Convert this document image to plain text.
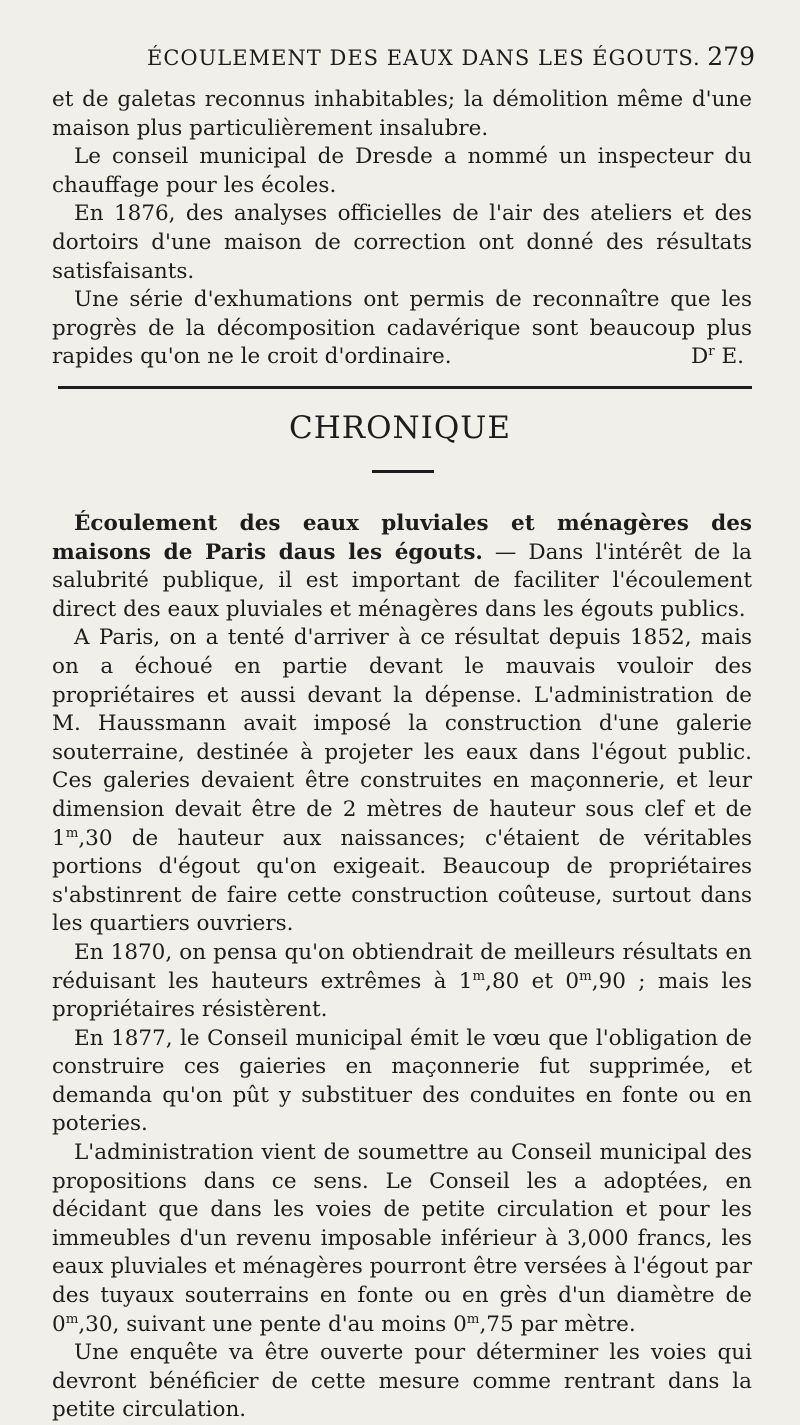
ÉCOULEMENT DES EAUX DANS LES ÉGOUTS. 279

et de galetas reconnus inhabitables; la démolition même d'une maison plus particulièrement insalubre.

Le conseil municipal de Dresde a nommé un inspecteur du chauffage pour les écoles.

En 1876, des analyses officielles de l'air des ateliers et des dortoirs d'une maison de correction ont donné des résultats satisfaisants.

Une série d'exhumations ont permis de reconnaître que les progrès de la décomposition cadavérique sont beaucoup plus rapides qu'on ne le croit d'ordinaire.	$D^r$ E.

CHRONIQUE

Écoulement des eaux pluviales et ménagères des maisons de Paris daus les égouts. — Dans l'intérêt de la salubrité publique, il est important de faciliter l'écoulement direct des eaux pluviales et ménagères dans les égouts publics.

A Paris, on a tenté d'arriver à ce résultat depuis 1852, mais on a échoué en partie devant le mauvais vouloir des propriétaires et aussi devant la dépense. L'administration de M. Haussmann avait imposé la construction d'une galerie souterraine, destinée à projeter les eaux dans l'égout public. Ces galeries devaient être construites en maçonnerie, et leur dimension devait être de 2 mètres de hauteur sous clef et de 1$^m$,30 de hauteur aux naissances; c'étaient de véritables portions d'égout qu'on exigeait. Beaucoup de propriétaires s'abstinrent de faire cette construction coûteuse, surtout dans les quartiers ouvriers.

En 1870, on pensa qu'on obtiendrait de meilleurs résultats en réduisant les hauteurs extrêmes à 1$^m$,80 et 0$^m$,90 ; mais les propriétaires résistèrent.

En 1877, le Conseil municipal émit le vœu que l'obligation de construire ces gaieries en maçonnerie fut supprimée, et demanda qu'on pût y substituer des conduites en fonte ou en poteries.

L'administration vient de soumettre au Conseil municipal des propositions dans ce sens. Le Conseil les a adoptées, en décidant que dans les voies de petite circulation et pour les immeubles d'un revenu imposable inférieur à 3,000 francs, les eaux pluviales et ménagères pourront être versées à l'égout par des tuyaux souterrains en fonte ou en grès d'un diamètre de 0$^m$,30, suivant une pente d'au moins 0$^m$,75 par mètre.

Une enquête va être ouverte pour déterminer les voies qui devront bénéficier de cette mesure comme rentrant dans la petite circulation.
